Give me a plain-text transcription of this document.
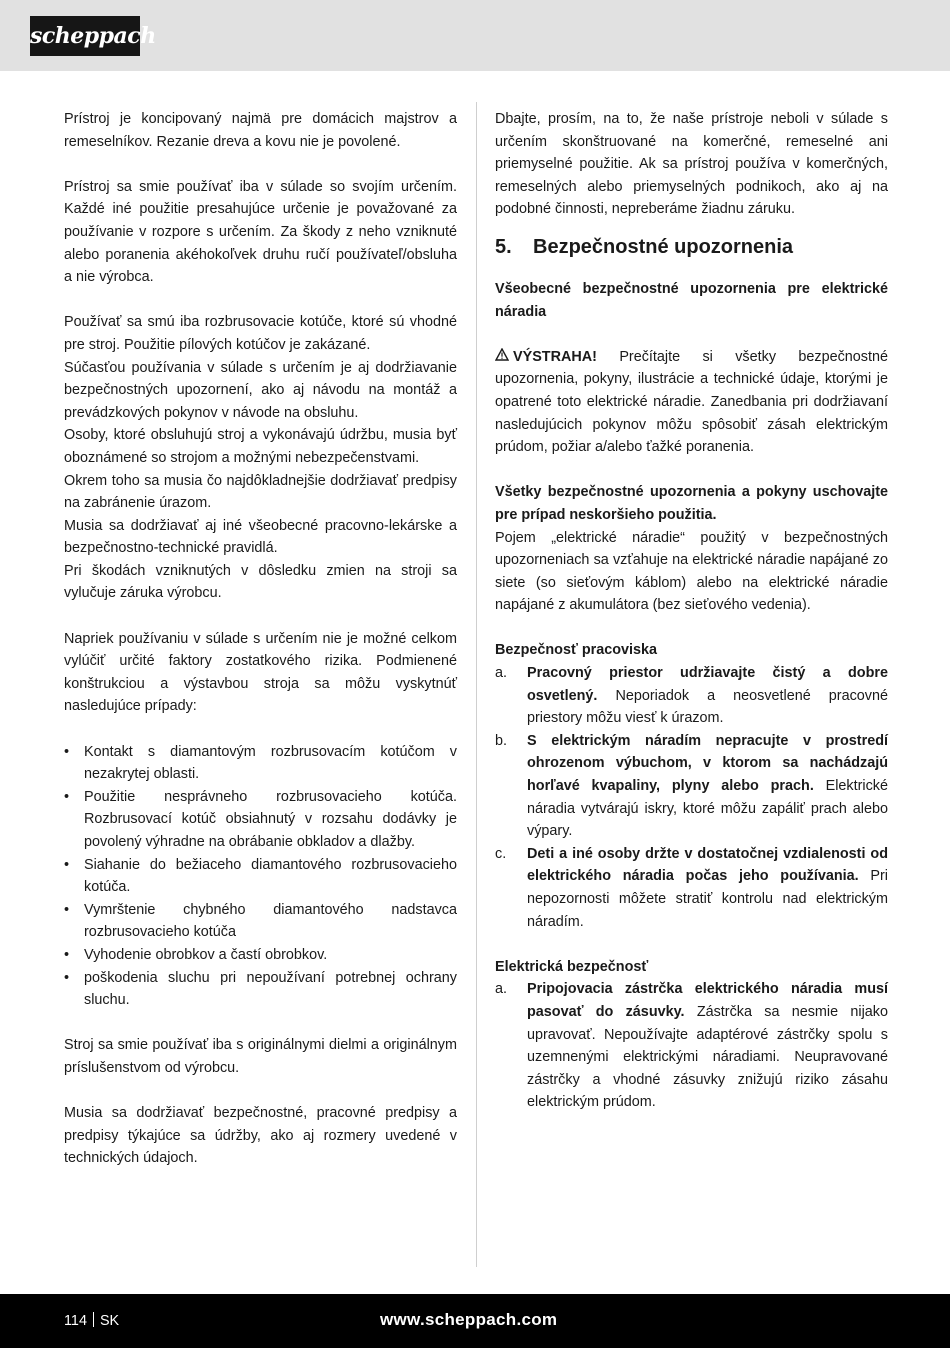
scheppach

Prístroj je koncipovaný najmä pre domácich majstrov a remeselníkov. Rezanie dreva a kovu nie je povolené.

Prístroj sa smie používať iba v súlade so svojím určením. Každé iné použitie presahujúce určenie je považované za používanie v rozpore s určením. Za škody z neho vzniknuté alebo poranenia akéhokoľvek druhu ručí používateľ/obsluha a nie výrobca.

Používať sa smú iba rozbrusovacie kotúče, ktoré sú vhodné pre stroj. Použitie pílových kotúčov je zakázané.

Súčasťou používania v súlade s určením je aj dodržiavanie bezpečnostných upozornení, ako aj návodu na montáž a prevádzkových pokynov v návode na obsluhu.

Osoby, ktoré obsluhujú stroj a vykonávajú údržbu, musia byť oboznámené so strojom a možnými nebezpečenstvami.

Okrem toho sa musia čo najdôkladnejšie dodržiavať predpisy na zabránenie úrazom.

Musia sa dodržiavať aj iné všeobecné pracovno-lekárske a bezpečnostno-technické pravidlá.

Pri škodách vzniknutých v dôsledku zmien na stroji sa vylučuje záruka výrobcu.

Napriek používaniu v súlade s určením nie je možné celkom vylúčiť určité faktory zostatkového rizika. Podmienené konštrukciou a výstavbou stroja sa môžu vyskytnúť nasledujúce prípady:

• Kontakt s diamantovým rozbrusovacím kotúčom v nezakrytej oblasti.
• Použitie nesprávneho rozbrusovacieho kotúča. Rozbrusovací kotúč obsiahnutý v rozsahu dodávky je povolený výhradne na obrábanie obkladov a dlažby.
• Siahanie do bežiaceho diamantového rozbrusovacieho kotúča.
• Vymrštenie chybného diamantového nadstavca rozbrusovacieho kotúča
• Vyhodenie obrobkov a častí obrobkov.
• poškodenia sluchu pri nepoužívaní potrebnej ochrany sluchu.

Stroj sa smie používať iba s originálnymi dielmi a originálnym príslušenstvom od výrobcu.

Musia sa dodržiavať bezpečnostné, pracovné predpisy a predpisy týkajúce sa údržby, ako aj rozmery uvedené v technických údajoch.

Dbajte, prosím, na to, že naše prístroje neboli v súlade s určením skonštruované na komerčné, remeselné ani priemyselné použitie. Ak sa prístroj používa v komerčných, remeselných alebo priemyselných podnikoch, ako aj na podobné činnosti, nepreberáme žiadnu záruku.

5. Bezpečnostné upozornenia

Všeobecné bezpečnostné upozornenia pre elektrické náradia

VÝSTRAHA! Prečítajte si všetky bezpečnostné upozornenia, pokyny, ilustrácie a technické údaje, ktorými je opatrené toto elektrické náradie. Zanedbania pri dodržiavaní nasledujúcich pokynov môžu spôsobiť zásah elektrickým prúdom, požiar a/alebo ťažké poranenia.

Všetky bezpečnostné upozornenia a pokyny uschovajte pre prípad neskoršieho použitia.

Pojem „elektrické náradie“ použitý v bezpečnostných upozorneniach sa vzťahuje na elektrické náradie napájané zo siete (so sieťovým káblom) alebo na elektrické náradie napájané z akumulátora (bez sieťového vedenia).

Bezpečnosť pracoviska

a. Pracovný priestor udržiavajte čistý a dobre osvetlený. Neporiadok a neosvetlené pracovné priestory môžu viesť k úrazom.
b. S elektrickým náradím nepracujte v prostredí ohrozenom výbuchom, v ktorom sa nachádzajú horľavé kvapaliny, plyny alebo prach. Elektrické náradia vytvárajú iskry, ktoré môžu zapáliť prach alebo výpary.
c. Deti a iné osoby držte v dostatočnej vzdialenosti od elektrického náradia počas jeho používania. Pri nepozornosti môžete stratiť kontrolu nad elektrickým náradím.

Elektrická bezpečnosť

a. Pripojovacia zástrčka elektrického náradia musí pasovať do zásuvky. Zástrčka sa nesmie nijako upravovať. Nepoužívajte adaptérové zástrčky spolu s uzemnenými elektrickými náradiami. Neupravované zástrčky a vhodné zásuvky znižujú riziko zásahu elektrickým prúdom.
114 SK	www.scheppach.com
